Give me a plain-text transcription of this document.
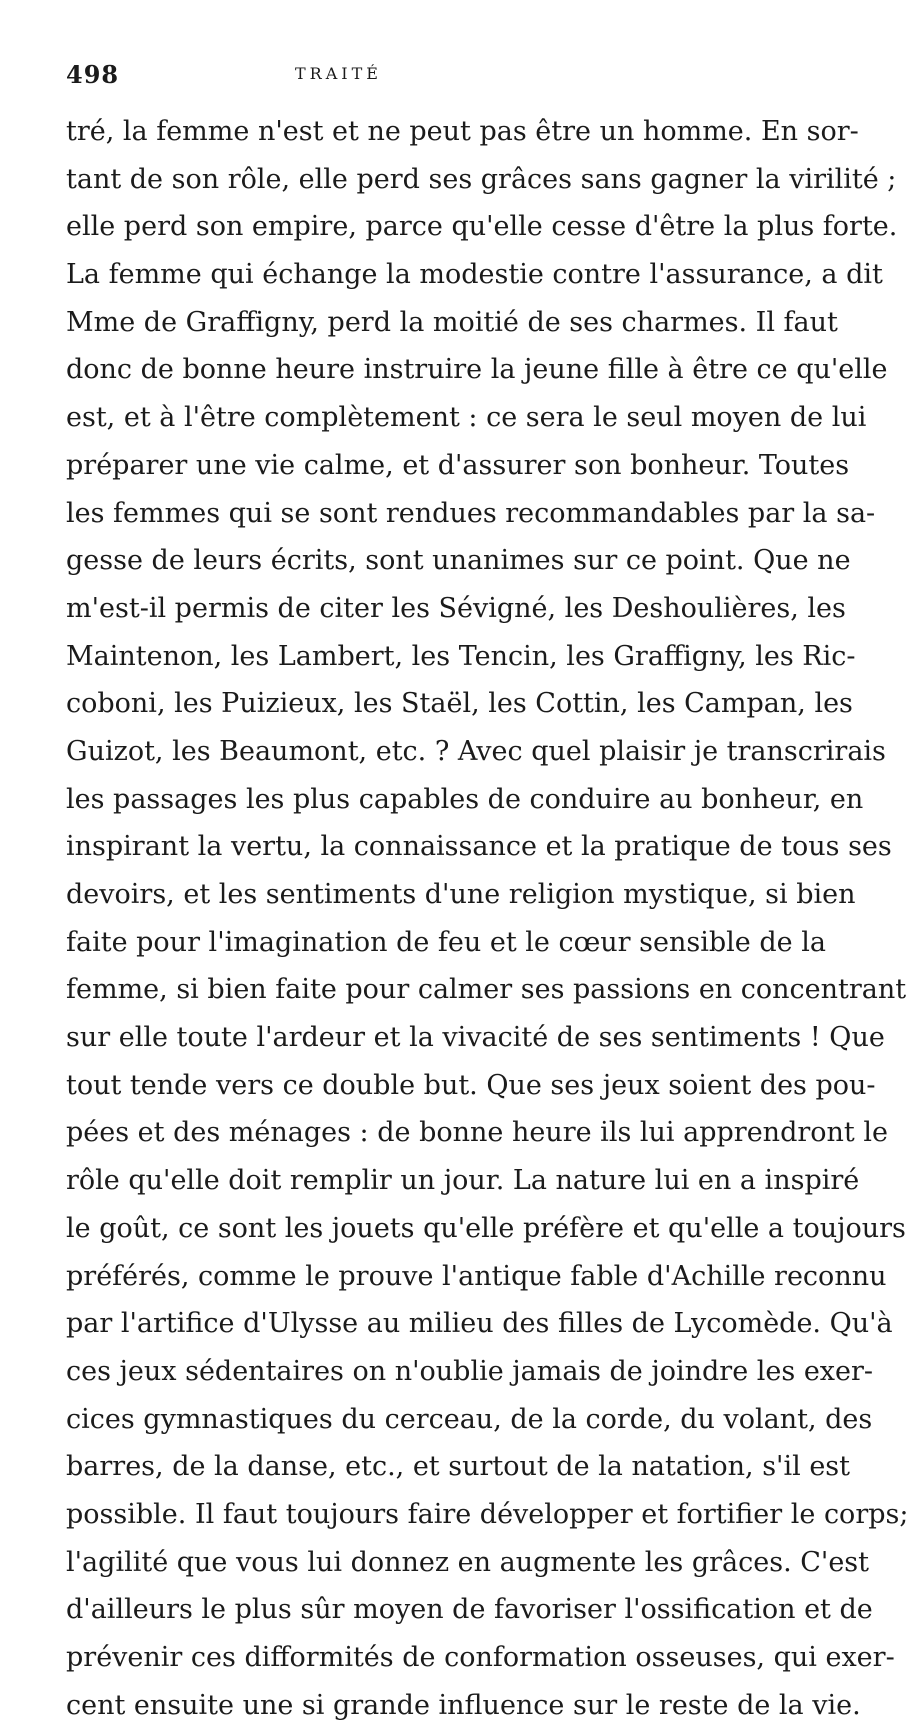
498	TRAITÉ
tré, la femme n'est et ne peut pas être un homme. En sor-
tant de son rôle, elle perd ses grâces sans gagner la virilité ;
elle perd son empire, parce qu'elle cesse d'être la plus forte.
La femme qui échange la modestie contre l'assurance, a dit
Mme de Graffigny, perd la moitié de ses charmes. Il faut
donc de bonne heure instruire la jeune fille à être ce qu'elle
est, et à l'être complètement : ce sera le seul moyen de lui
préparer une vie calme, et d'assurer son bonheur. Toutes
les femmes qui se sont rendues recommandables par la sa-
gesse de leurs écrits, sont unanimes sur ce point. Que ne
m'est-il permis de citer les Sévigné, les Deshoulières, les
Maintenon, les Lambert, les Tencin, les Graffigny, les Ric-
coboni, les Puizieux, les Staël, les Cottin, les Campan, les
Guizot, les Beaumont, etc. ? Avec quel plaisir je transcrirais
les passages les plus capables de conduire au bonheur, en
inspirant la vertu, la connaissance et la pratique de tous ses
devoirs, et les sentiments d'une religion mystique, si bien
faite pour l'imagination de feu et le cœur sensible de la
femme, si bien faite pour calmer ses passions en concentrant
sur elle toute l'ardeur et la vivacité de ses sentiments ! Que
tout tende vers ce double but. Que ses jeux soient des pou-
pées et des ménages : de bonne heure ils lui apprendront le
rôle qu'elle doit remplir un jour. La nature lui en a inspiré
le goût, ce sont les jouets qu'elle préfère et qu'elle a toujours
préférés, comme le prouve l'antique fable d'Achille reconnu
par l'artifice d'Ulysse au milieu des filles de Lycomède. Qu'à
ces jeux sédentaires on n'oublie jamais de joindre les exer-
cices gymnastiques du cerceau, de la corde, du volant, des
barres, de la danse, etc., et surtout de la natation, s'il est
possible. Il faut toujours faire développer et fortifier le corps;
l'agilité que vous lui donnez en augmente les grâces. C'est
d'ailleurs le plus sûr moyen de favoriser l'ossification et de
prévenir ces difformités de conformation osseuses, qui exer-
cent ensuite une si grande influence sur le reste de la vie.
